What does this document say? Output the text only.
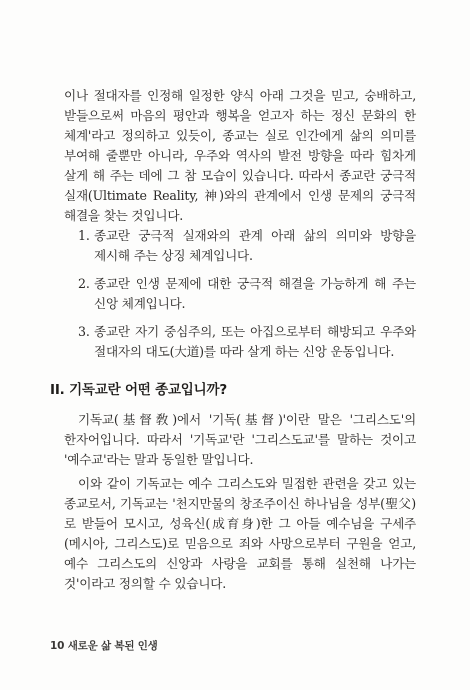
이나 절대자를 인정해 일정한 양식 아래 그것을 믿고, 숭배하고, 받들으로써 마음의 평안과 행복을 얻고자 하는 정신 문화의 한 체계'라고 정의하고 있듯이, 종교는 실로 인간에게 삶의 의미를 부여해 줄뿐만 아니라, 우주와 역사의 발전 방향을 따라 힘차게 살게 해 주는 데에 그 참 모습이 있습니다. 따라서 종교란 궁극적 실재(Ultimate Reality, 神)와의 관계에서 인생 문제의 궁극적 해결을 찾는 것입니다.

1. 종교란 궁극적 실재와의 관계 아래 삶의 의미와 방향을 제시해 주는 상징 체계입니다.
2. 종교란 인생 문제에 대한 궁극적 해결을 가능하게 해 주는 신앙 체계입니다.
3. 종교란 자기 중심주의, 또는 아집으로부터 해방되고 우주와 절대자의 대도(大道)를 따라 살게 하는 신앙 운동입니다.
II. 기독교란 어떤 종교입니까?

기독교(基督敎)에서 '기독(基督)'이란 말은 '그리스도'의 한자어입니다. 따라서 '기독교'란 '그리스도교'를 말하는 것이고 '예수교'라는 말과 동일한 말입니다.

이와 같이 기독교는 예수 그리스도와 밀접한 관련을 갖고 있는 종교로서, 기독교는 '천지만물의 창조주이신 하나님을 성부(聖父)로 받들어 모시고, 성육신(成育身)한 그 아들 예수님을 구세주(메시아, 그리스도)로 믿음으로 죄와 사망으로부터 구원을 얻고, 예수 그리스도의 신앙과 사랑을 교회를 통해 실천해 나가는 것'이라고 정의할 수 있습니다.

10 새로운 삶 복된 인생
